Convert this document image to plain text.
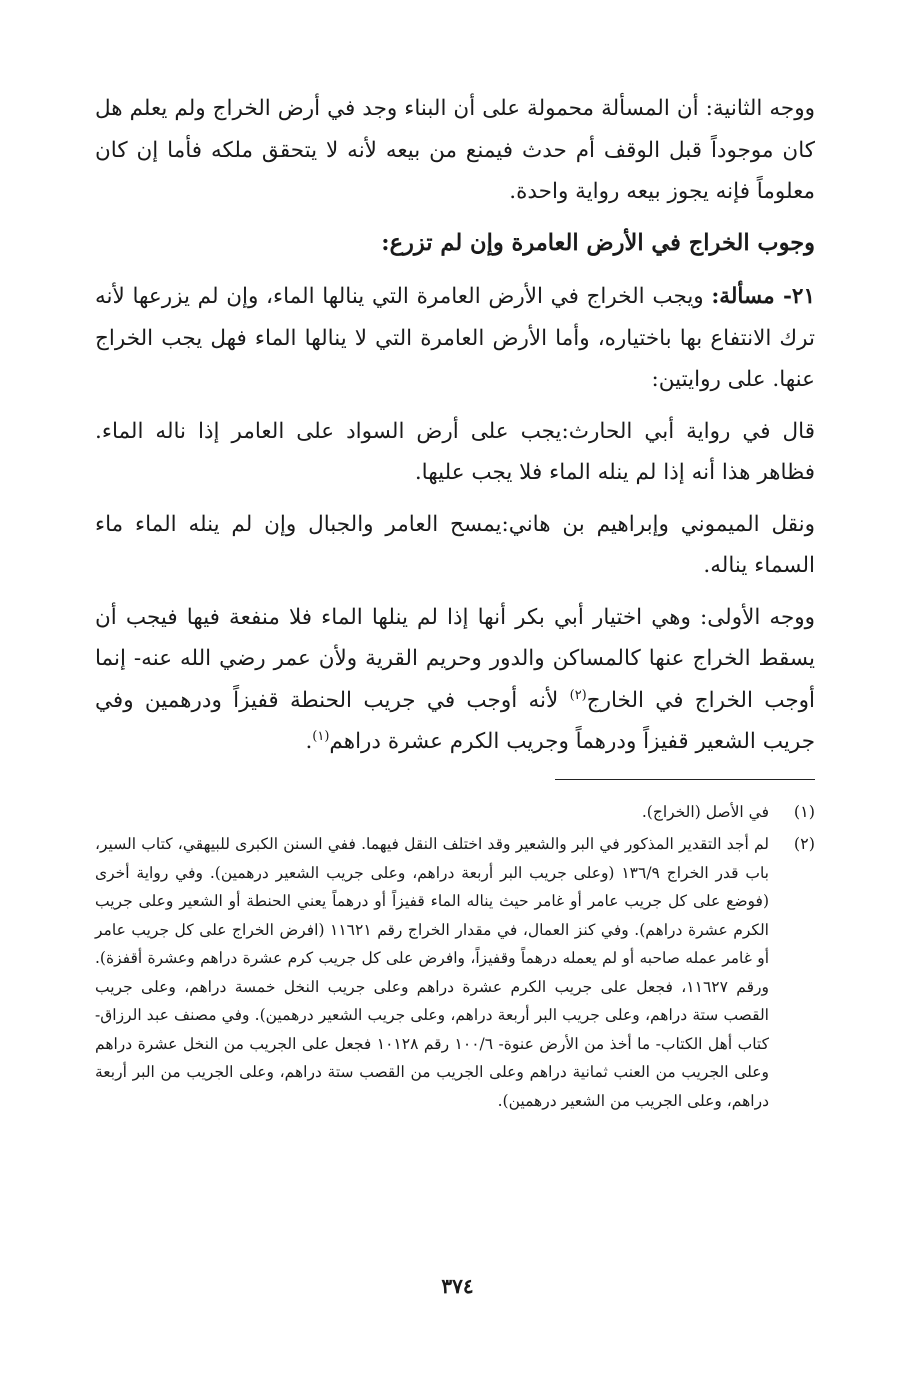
ووجه الثانية: أن المسألة محمولة على أن البناء وجد في أرض الخراج ولم يعلم هل كان موجوداً قبل الوقف أم حدث فيمنع من بيعه لأنه لا يتحقق ملكه فأما إن كان معلوماً فإنه يجوز بيعه رواية واحدة.

وجوب الخراج في الأرض العامرة وإن لم تزرع:

٢١- مسألة: ويجب الخراج في الأرض العامرة التي ينالها الماء، وإن لم يزرعها لأنه ترك الانتفاع بها باختياره، وأما الأرض العامرة التي لا ينالها الماء فهل يجب الخراج عنها. على روايتين:

قال في رواية أبي الحارث:يجب على أرض السواد على العامر إذا ناله الماء. فظاهر هذا أنه إذا لم ينله الماء فلا يجب عليها.

ونقل الميموني وإبراهيم بن هاني:يمسح العامر والجبال وإن لم ينله الماء ماء السماء يناله.

ووجه الأولى: وهي اختيار أبي بكر أنها إذا لم ينلها الماء فلا منفعة فيها فيجب أن يسقط الخراج عنها كالمساكن والدور وحريم القرية ولأن عمر رضي الله عنه- إنما أوجب الخراج في الخارج$^{(٢)}$ لأنه أوجب في جريب الحنطة قفيزاً ودرهمين وفي جريب الشعير قفيزاً ودرهماً وجريب الكرم عشرة دراهم$^{(١)}$.

(١)
في الأصل (الخراج).
(٢)
لم أجد التقدير المذكور في البر والشعير وقد اختلف النقل فيهما. ففي السنن الكبرى للبيهقي، كتاب السير، باب قدر الخراج ١٣٦/٩ (وعلى جريب البر أربعة دراهم، وعلى جريب الشعير درهمين). وفي رواية أخرى (فوضع على كل جريب عامر أو غامر حيث يناله الماء قفيزاً أو درهماً يعني الحنطة أو الشعير وعلى جريب الكرم عشرة دراهم). وفي كنز العمال، في مقدار الخراج رقم ١١٦٢١ (افرض الخراج على كل جريب عامر أو غامر عمله صاحبه أو لم يعمله درهماً وقفيزاً، وافرض على كل جريب كرم عشرة دراهم وعشرة أقفزة). ورقم ١١٦٢٧، فجعل على جريب الكرم عشرة دراهم وعلى جريب النخل خمسة دراهم، وعلى جريب القصب ستة دراهم، وعلى جريب البر أربعة دراهم، وعلى جريب الشعير درهمين). وفي مصنف عبد الرزاق- كتاب أهل الكتاب- ما أخذ من الأرض عنوة- ١٠٠/٦ رقم ١٠١٢٨ فجعل على الجريب من النخل عشرة دراهم وعلى الجريب من العنب ثمانية دراهم وعلى الجريب من القصب ستة دراهم، وعلى الجريب من البر أربعة دراهم، وعلى الجريب من الشعير درهمين).
٣٧٤
